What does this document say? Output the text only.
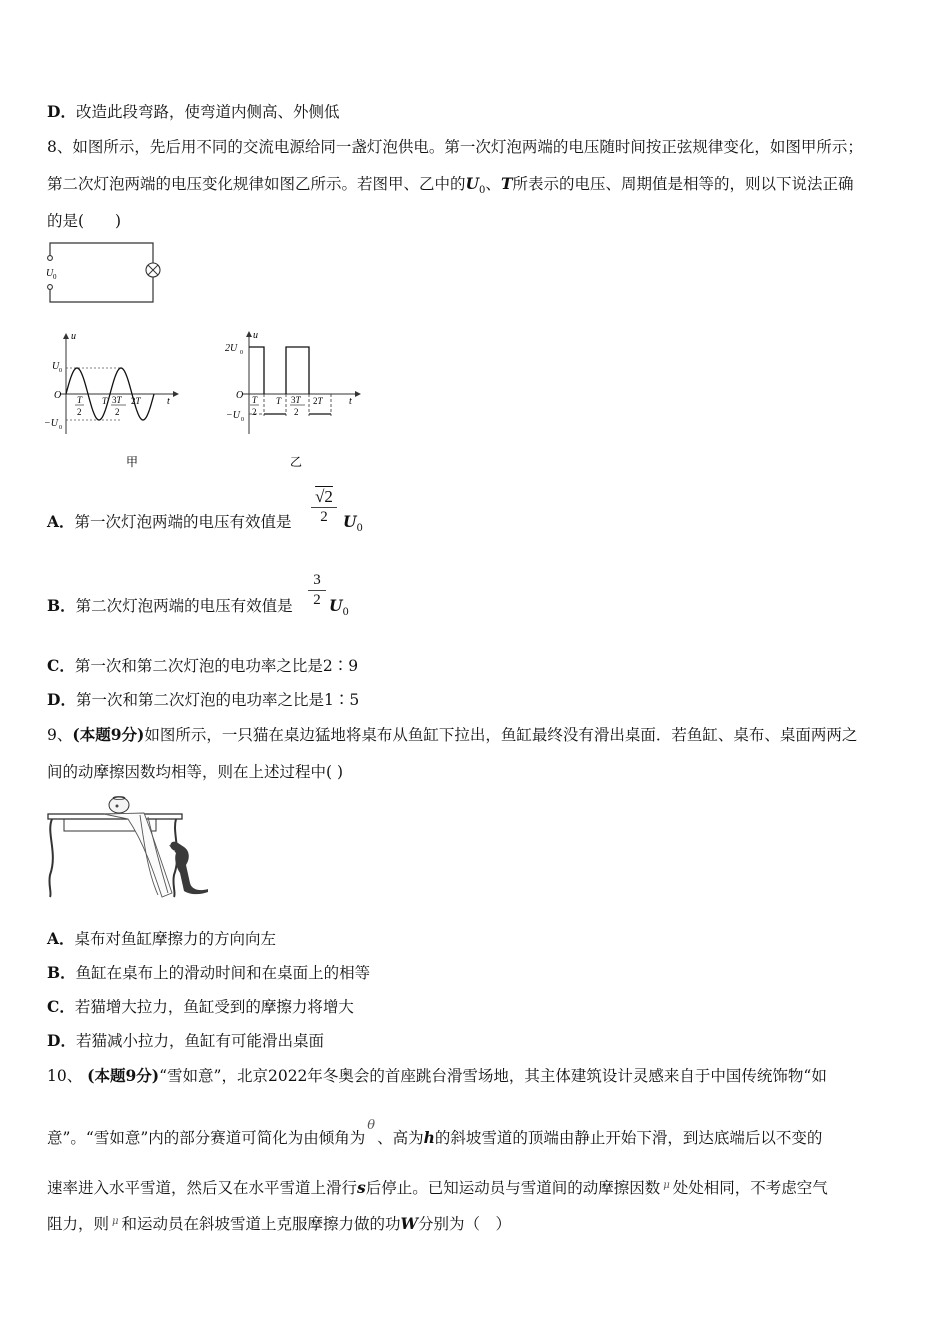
D．改造此段弯路，使弯道内侧高、外侧低
8、如图所示，先后用不同的交流电源给同一盏灯泡供电。第一次灯泡两端的电压随时间按正弦规律变化，如图甲所示；
第二次灯泡两端的电压变化规律如图乙所示。若图甲、乙中的$U_0$、T所表示的电压、周期值是相等的，则以下说法正确
的是(　　)
U 0
u
t
U 0
O
−U 0
T
2
T 3T
2
2T
甲
u
t
2U 0
O
−U 0
T
2
T 3T
2
2T
乙
A．第一次灯泡两端的电压有效值是 $\frac{√2}{2} U_0$
B．第二次灯泡两端的电压有效值是 $\frac{3}{2} U_0$
C．第一次和第二次灯泡的电功率之比是2∶9
D．第一次和第二次灯泡的电功率之比是1∶5
9、(本题9分)如图所示，一只猫在桌边猛地将桌布从鱼缸下拉出，鱼缸最终没有滑出桌面．若鱼缸、桌布、桌面两两之
间的动摩擦因数均相等，则在上述过程中( )
A．桌布对鱼缸摩擦力的方向向左
B．鱼缸在桌布上的滑动时间和在桌面上的相等
C．若猫增大拉力，鱼缸受到的摩擦力将增大
D．若猫减小拉力，鱼缸有可能滑出桌面
10、 (本题9分)“雪如意”，北京2022年冬奥会的首座跳台滑雪场地，其主体建筑设计灵感来自于中国传统饰物“如
意”。“雪如意”内的部分赛道可简化为由倾角为$^\theta$、高为h的斜坡雪道的顶端由静止开始下滑，到达底端后以不变的
速率进入水平雪道，然后又在水平雪道上滑行s后停止。已知运动员与雪道间的动摩擦因数 $^\mu$ 处处相同，不考虑空气
阻力，则 $^\mu$ 和运动员在斜坡雪道上克服摩擦力做的功W分别为（　）
